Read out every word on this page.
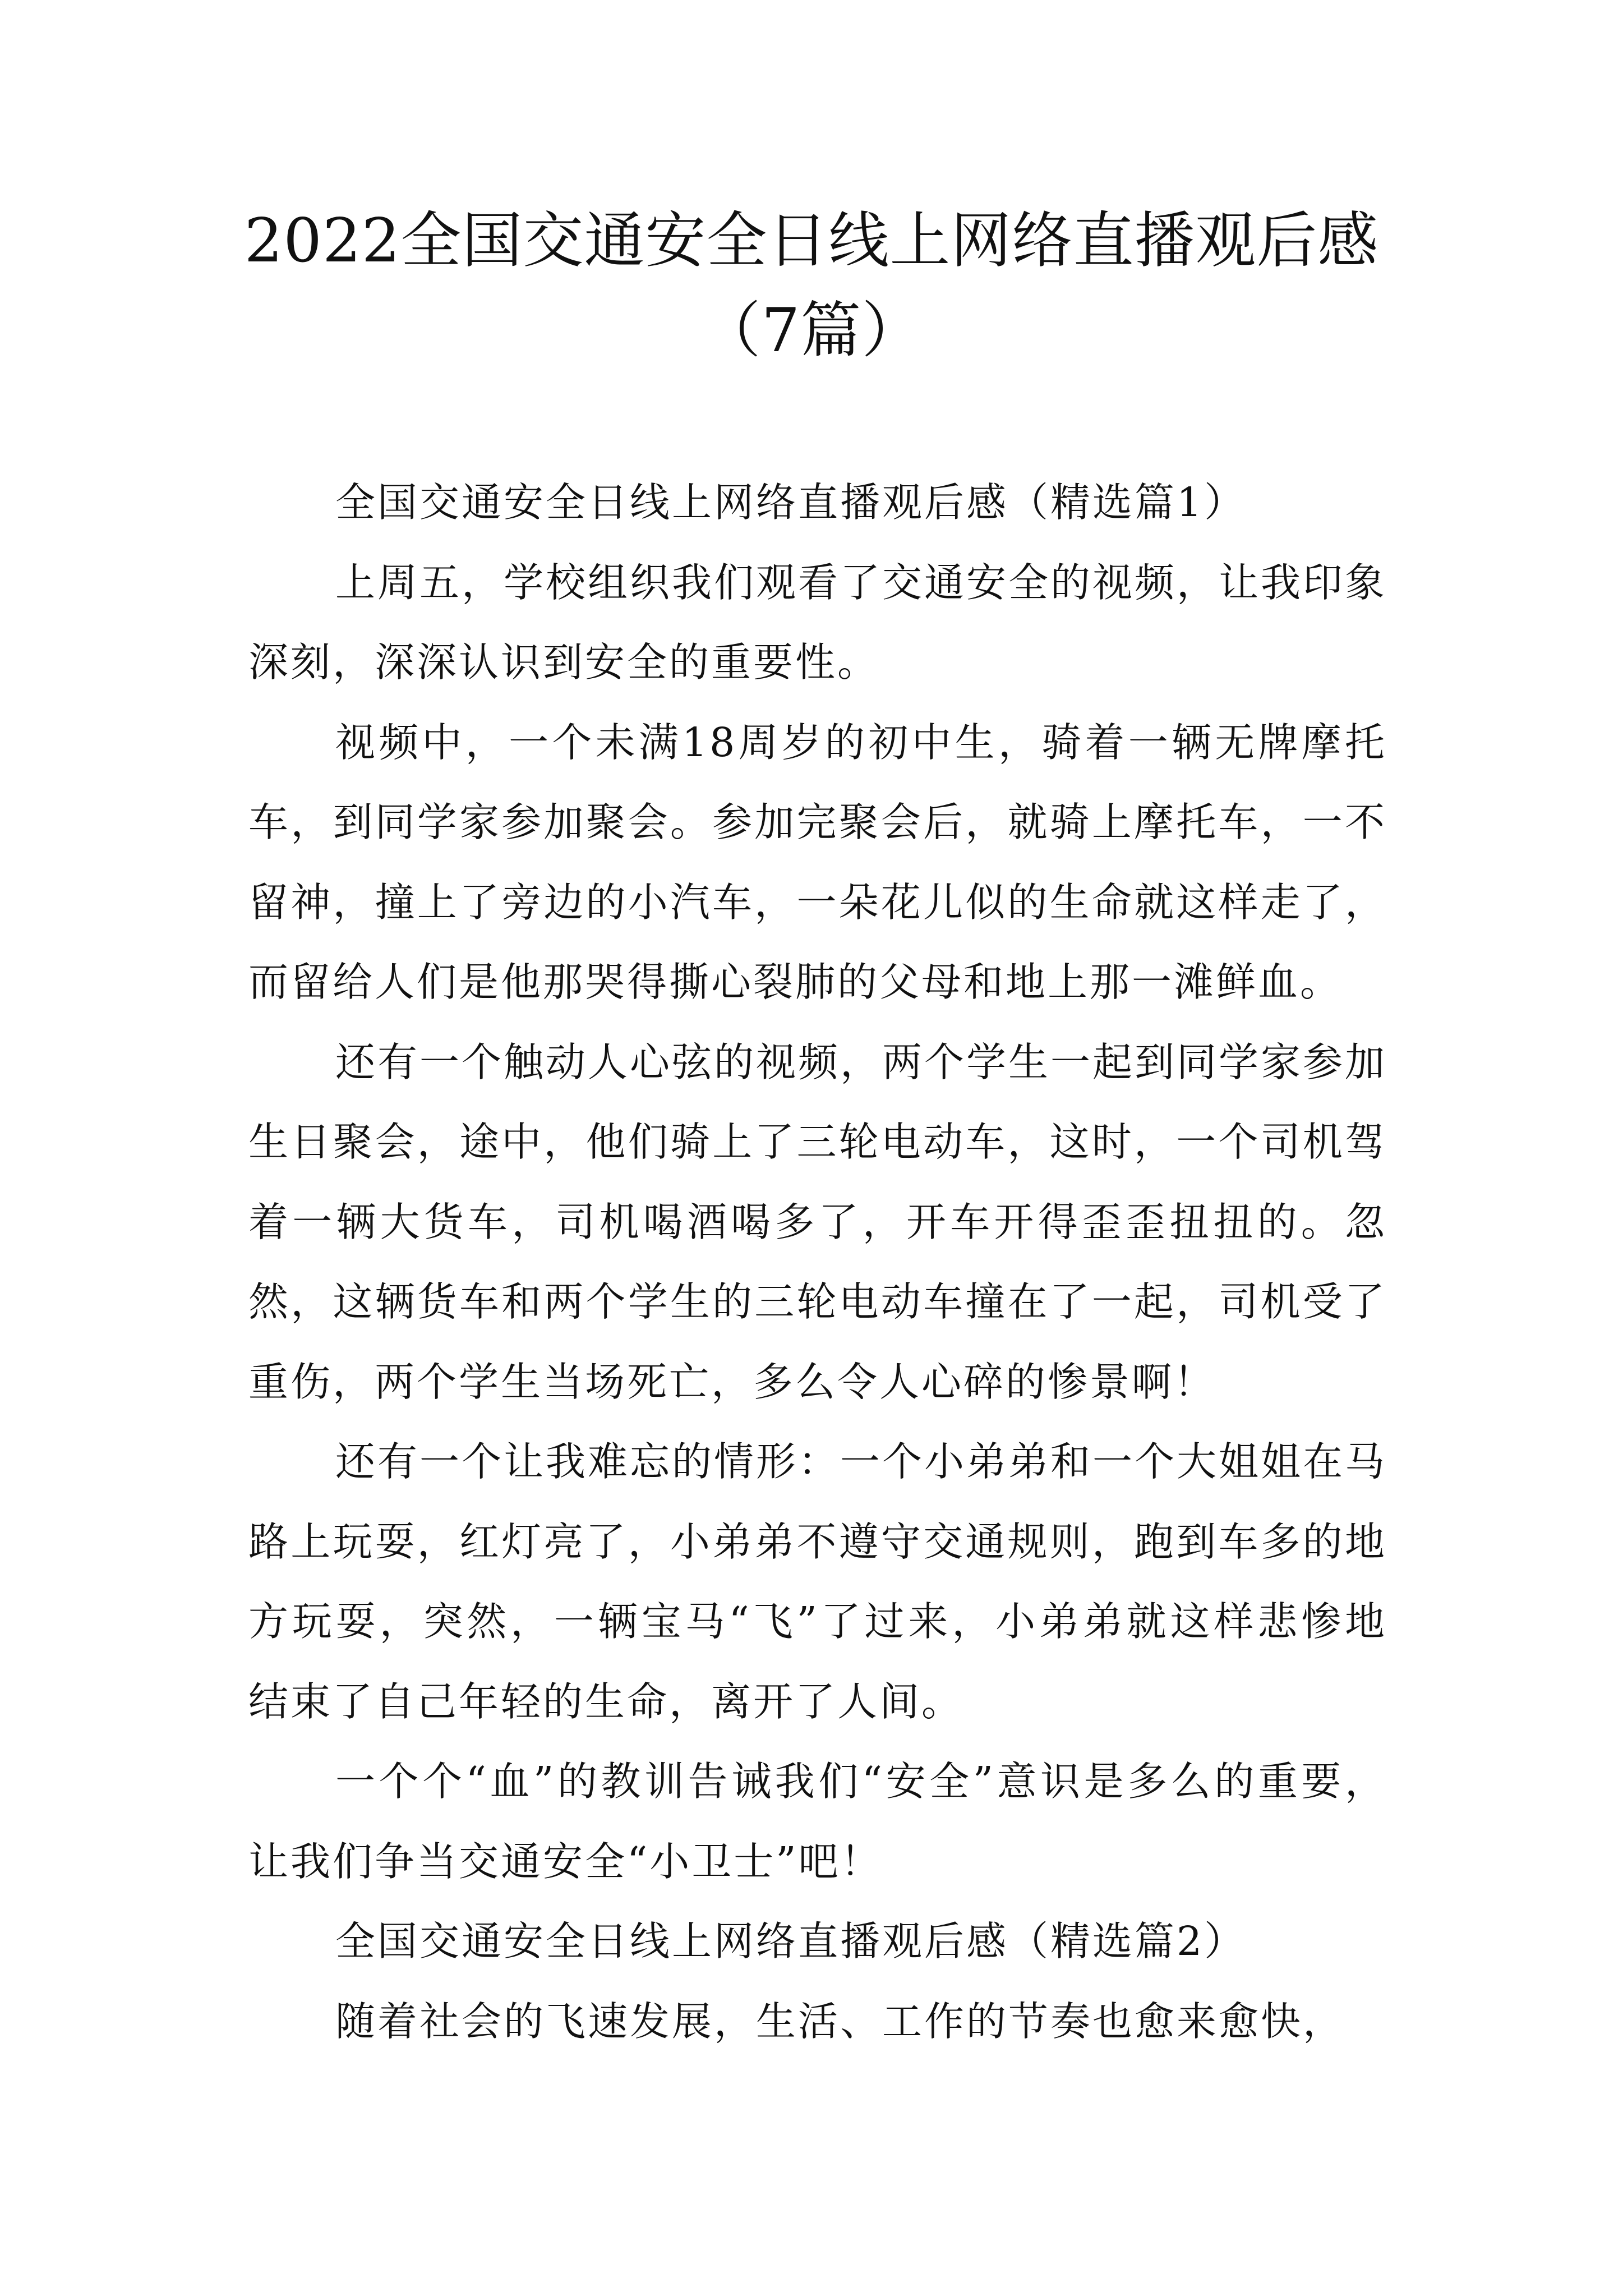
2022全国交通安全日线上网络直播观后感
（7篇）

全国交通安全日线上网络直播观后感（精选篇1）

上周五，学校组织我们观看了交通安全的视频，让我印象深刻，深深认识到安全的重要性。

视频中，一个未满18周岁的初中生，骑着一辆无牌摩托车，到同学家参加聚会。参加完聚会后，就骑上摩托车，一不留神，撞上了旁边的小汽车，一朵花儿似的生命就这样走了，而留给人们是他那哭得撕心裂肺的父母和地上那一滩鲜血。

还有一个触动人心弦的视频，两个学生一起到同学家参加生日聚会，途中，他们骑上了三轮电动车，这时，一个司机驾着一辆大货车，司机喝酒喝多了，开车开得歪歪扭扭的。忽然，这辆货车和两个学生的三轮电动车撞在了一起，司机受了重伤，两个学生当场死亡，多么令人心碎的惨景啊！

还有一个让我难忘的情形：一个小弟弟和一个大姐姐在马路上玩耍，红灯亮了，小弟弟不遵守交通规则，跑到车多的地方玩耍，突然，一辆宝马“飞”了过来，小弟弟就这样悲惨地结束了自己年轻的生命，离开了人间。

一个个“血”的教训告诫我们“安全”意识是多么的重要，让我们争当交通安全“小卫士”吧！

全国交通安全日线上网络直播观后感（精选篇2）

随着社会的飞速发展，生活、工作的节奏也愈来愈快，
